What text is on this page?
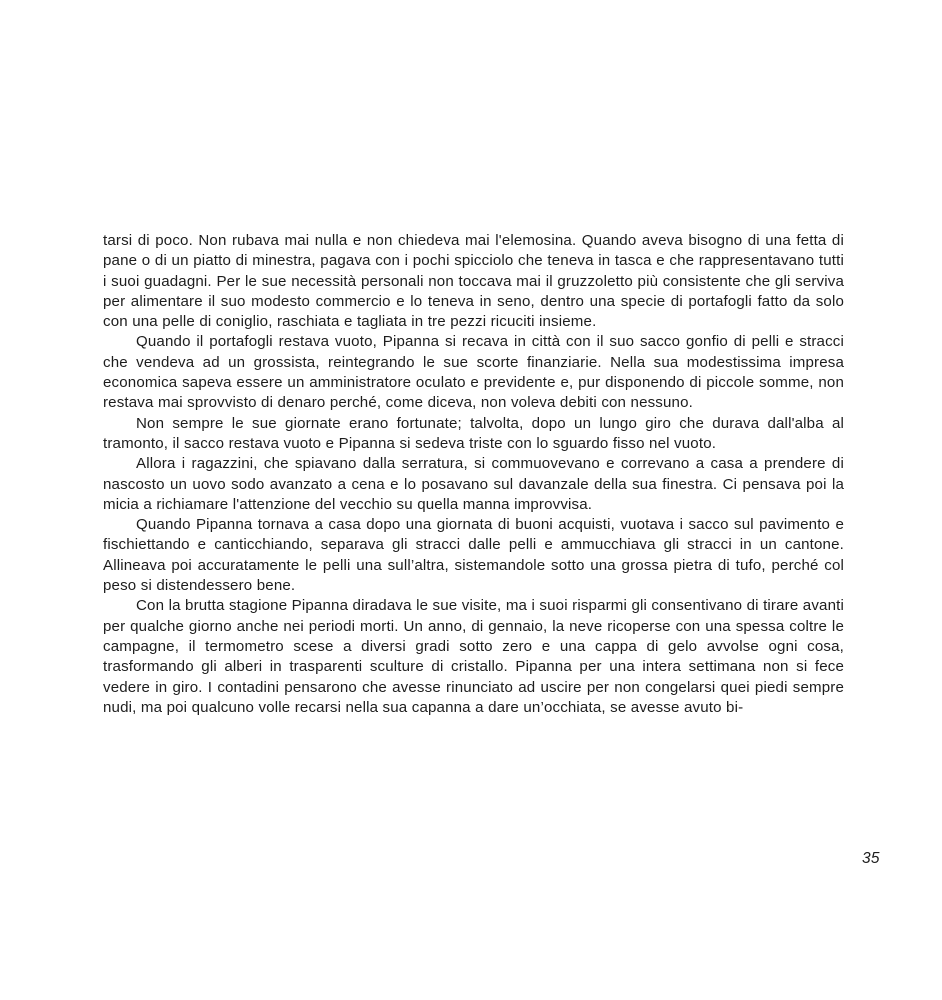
tarsi di poco. Non rubava mai nulla e non chiedeva mai l'elemosina. Quando aveva bisogno di una fetta di pane o di un piatto di minestra, pagava con i pochi spicciolo che teneva in tasca e che rappresentavano tutti i suoi guadagni. Per le sue necessità personali non toccava mai il gruzzoletto più consistente che gli serviva per alimentare il suo modesto commercio e lo teneva in seno, dentro una specie di portafogli fatto da solo con una pelle di coniglio, raschiata e tagliata in tre pezzi ricuciti insieme.

Quando il portafogli restava vuoto, Pipanna si recava in città con il suo sacco gonfio di pelli e stracci che vendeva ad un grossista, reintegrando le sue scorte finanziarie. Nella sua modestissima impresa economica sapeva essere un amministratore oculato e previdente e, pur disponendo di piccole somme, non restava mai sprovvisto di denaro perché, come diceva, non voleva debiti con nessuno.

Non sempre le sue giornate erano fortunate; talvolta, dopo un lungo giro che durava dall'alba al tramonto, il sacco restava vuoto e Pipanna si sedeva triste con lo sguardo fisso nel vuoto.

Allora i ragazzini, che spiavano dalla serratura, si commuovevano e correvano a casa a prendere di nascosto un uovo sodo avanzato a cena e lo posavano sul davanzale della sua finestra. Ci pensava poi la micia a richiamare l'attenzione del vecchio su quella manna improvvisa.

Quando Pipanna tornava a casa dopo una giornata di buoni acquisti, vuotava i sacco sul pavimento e fischiettando e canticchiando, separava gli stracci dalle pelli e ammucchiava gli stracci in un cantone. Allineava poi accuratamente le pelli una sull’altra, sistemandole sotto una grossa pietra di tufo, perché col peso si distendessero bene.

Con la brutta stagione Pipanna diradava le sue visite, ma i suoi risparmi gli consentivano di tirare avanti per qualche giorno anche nei periodi morti. Un anno, di gennaio, la neve ricoperse con una spessa coltre le campagne, il termometro scese a diversi gradi sotto zero e una cappa di gelo avvolse ogni cosa, trasformando gli alberi in trasparenti sculture di cristallo. Pipanna per una intera settimana non si fece vedere in giro. I contadini pensarono che avesse rinunciato ad uscire per non congelarsi quei piedi sempre nudi, ma poi qualcuno volle recarsi nella sua capanna a dare un’occhiata, se avesse avuto bi-

35
